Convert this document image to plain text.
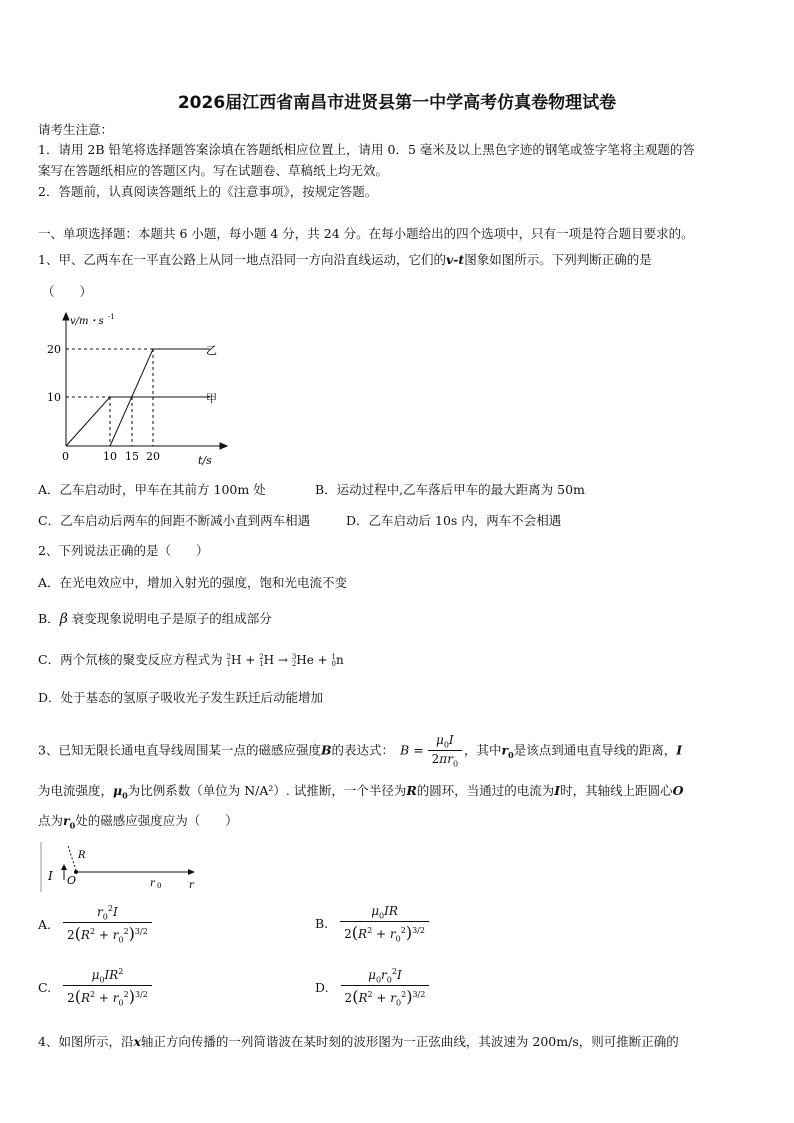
2026届江西省南昌市进贤县第一中学高考仿真卷物理试卷
请考生注意：
1．请用 2B 铅笔将选择题答案涂填在答题纸相应位置上，请用 0．5 毫米及以上黑色字迹的钢笔或签字笔将主观题的答
案写在答题纸相应的答题区内。写在试题卷、草稿纸上均无效。
2．答题前，认真阅读答题纸上的《注意事项》，按规定答题。
一、单项选择题：本题共 6 小题，每小题 4 分，共 24 分。在每小题给出的四个选项中，只有一项是符合题目要求的。
1、甲、乙两车在一平直公路上从同一地点沿同一方向沿直线运动，它们的v-t图象如图所示。下列判断正确的是
（　　）
v/m・s -1
20
10
0	10 15 20	t/s
乙
甲
A．乙车启动时，甲车在其前方 100m 处	B．运动过程中,乙车落后甲车的最大距离为 50m
C．乙车启动后两车的间距不断减小直到两车相遇	D．乙车启动后 10s 内，两车不会相遇
2、下列说法正确的是（　　）
A．在光电效应中，增加入射光的强度，饱和光电流不变
B．β 衰变现象说明电子是原子的组成部分
C．两个氘核的聚变反应方程式为 2
1H + 2
1H → 3
2He + 1
0n
D．处于基态的氢原子吸收光子发生跃迁后动能增加
3、已知无限长通电直导线周围某一点的磁感应强度B的表达式： $B = \frac{\mu_0I}{2\pi r_0}$ ，其中$r_0$是该点到通电直导线的距离，I
为电流强度，$\mu_0$为比例系数（单位为 N/A²）. 试推断，一个半径为R的圆环，当通过的电流为I时，其轴线上距圆心O
点为$r_0$处的磁感应强度应为（　　）
I O
R
r 0	r
A. $\frac{r_0^2I}{2(R^2 + r_0^2)^{3/2}}$	B. $\frac{\mu_0IR}{2(R^2 + r_0^2)^{3/2}}$
C. $\frac{\mu_0IR^2}{2(R^2 + r_0^2)^{3/2}}$	D. $\frac{\mu_0r_0^2I}{2(R^2 + r_0^2)^{3/2}}$
4、如图所示，沿x轴正方向传播的一列简谐波在某时刻的波形图为一正弦曲线，其波速为 200m/s，则可推断正确的
